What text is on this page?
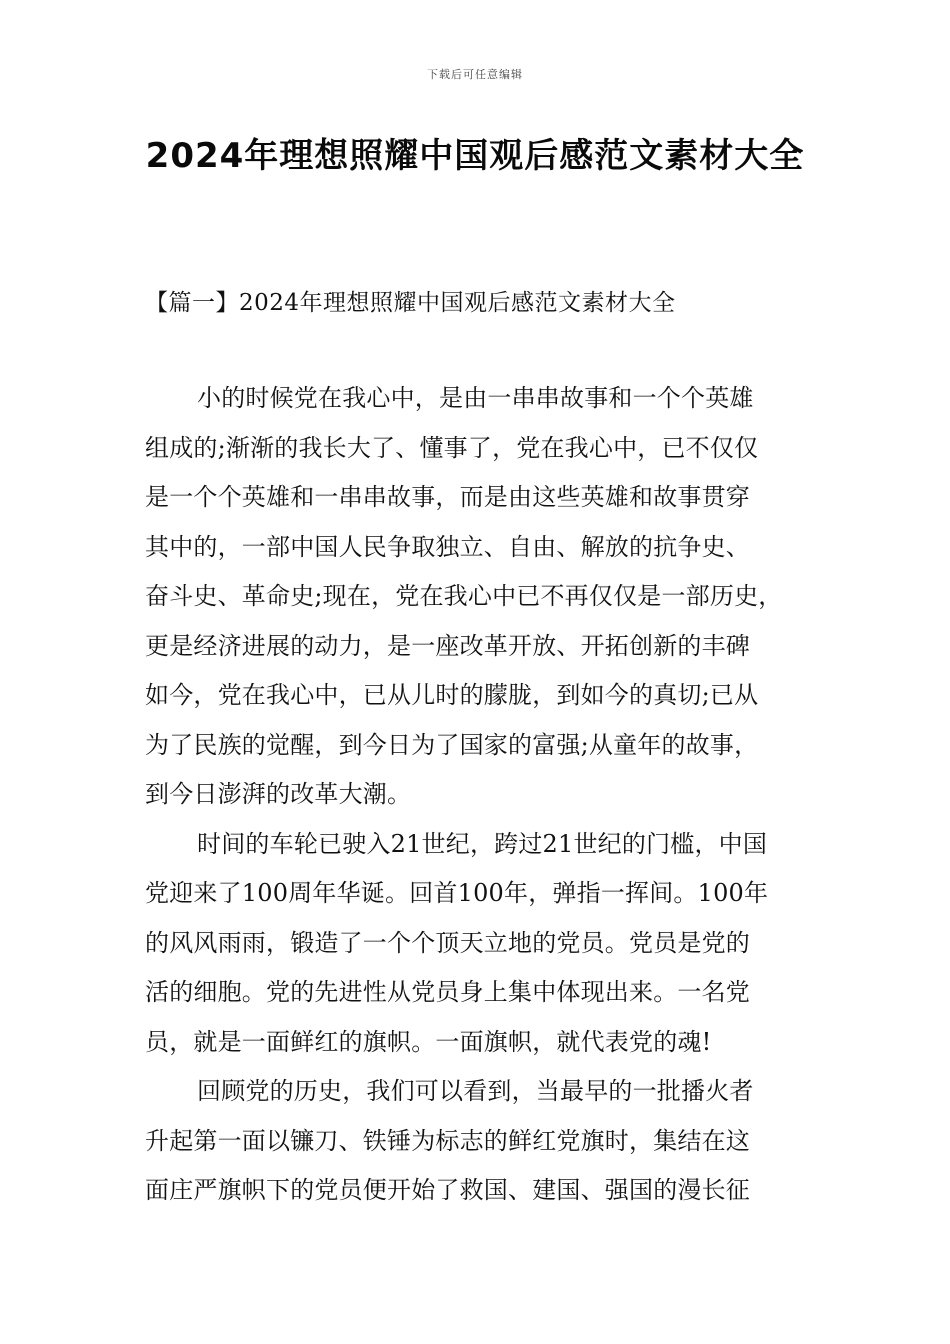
下载后可任意编辑
2024年理想照耀中国观后感范文素材大全
【篇一】2024年理想照耀中国观后感范文素材大全

小的时候党在我心中，是由一串串故事和一个个英雄
组成的;渐渐的我长大了、懂事了，党在我心中，已不仅仅
是一个个英雄和一串串故事，而是由这些英雄和故事贯穿
其中的，一部中国人民争取独立、自由、解放的抗争史、
奋斗史、革命史;现在，党在我心中已不再仅仅是一部历史，
更是经济进展的动力，是一座改革开放、开拓创新的丰碑
如今，党在我心中，已从儿时的朦胧，到如今的真切;已从
为了民族的觉醒，到今日为了国家的富强;从童年的故事，
到今日澎湃的改革大潮。

时间的车轮已驶入21世纪，跨过21世纪的门槛，中国
党迎来了100周年华诞。回首100年，弹指一挥间。100年
的风风雨雨，锻造了一个个顶天立地的党员。党员是党的
活的细胞。党的先进性从党员身上集中体现出来。一名党
员，就是一面鲜红的旗帜。一面旗帜，就代表党的魂!

回顾党的历史，我们可以看到，当最早的一批播火者
升起第一面以镰刀、铁锤为标志的鲜红党旗时，集结在这
面庄严旗帜下的党员便开始了救国、建国、强国的漫长征
